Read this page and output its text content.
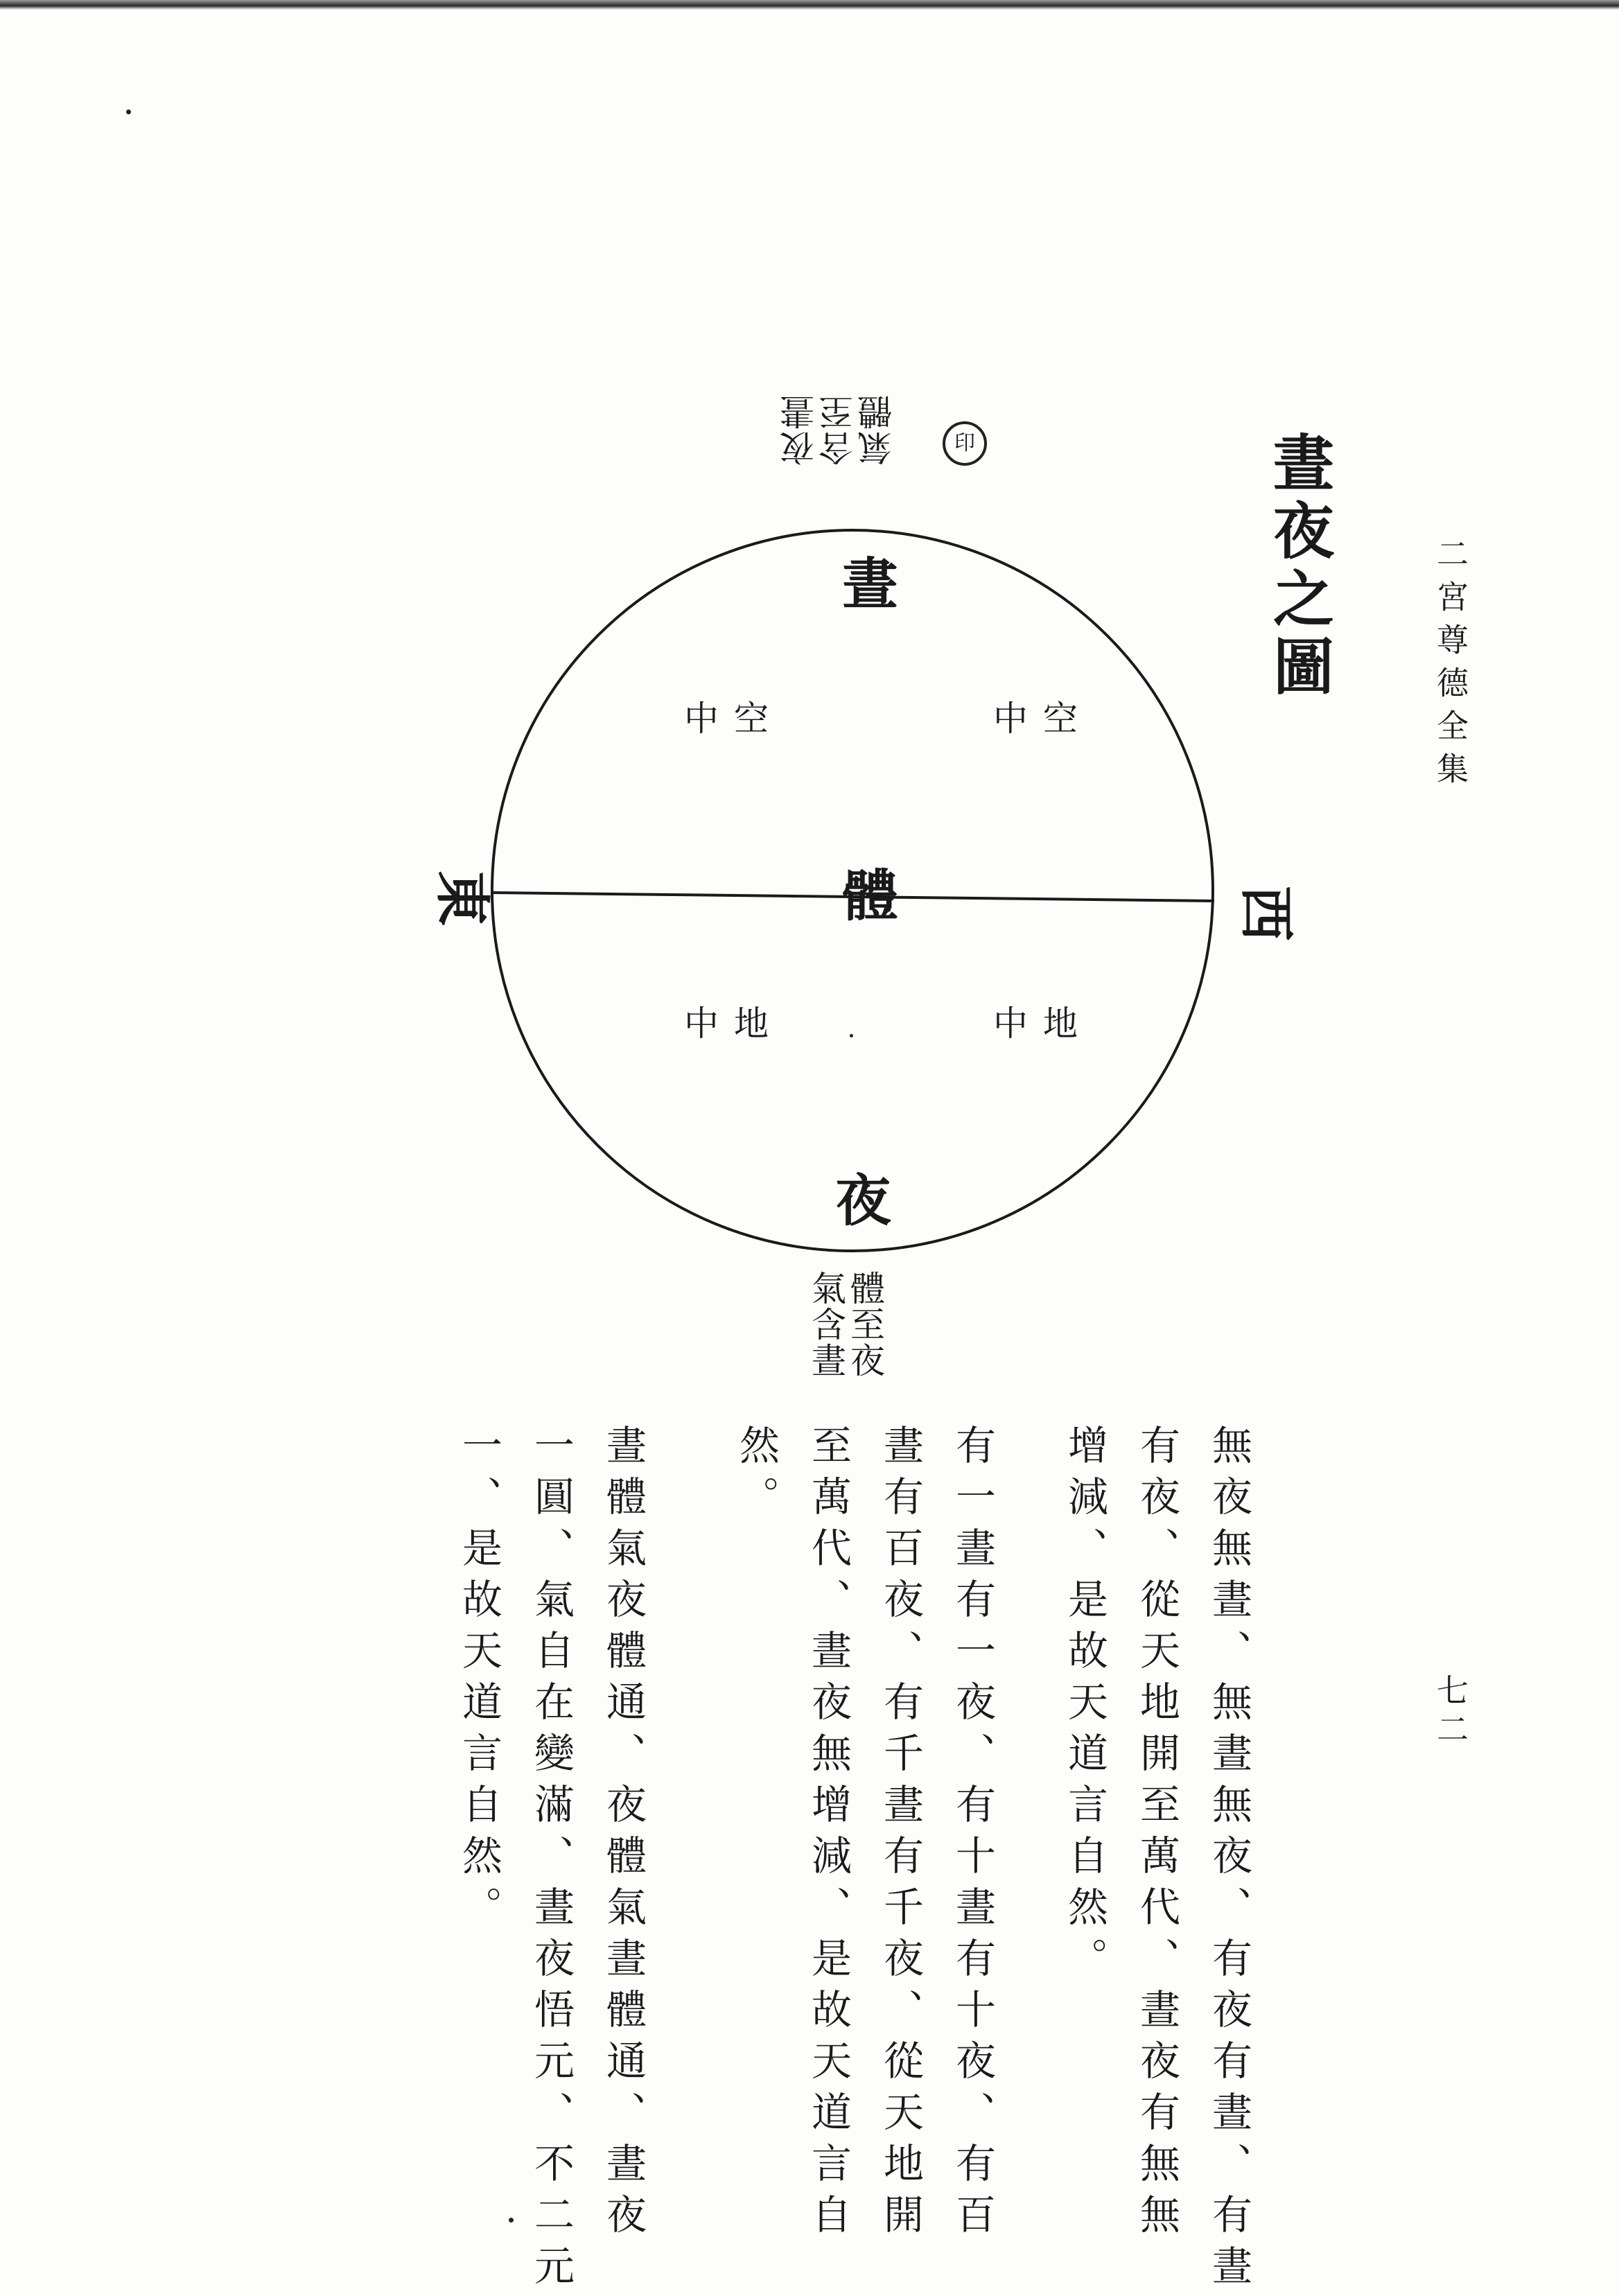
二宮尊德全集
七二
晝夜之圖
印
氣體
含至
夜晝
體至夜
氣含晝
晝
夜
體
東	西
空中	空中
地中	地中
無夜無晝、無晝無夜、有夜有晝、有晝
有夜、從天地開至萬代、晝夜有無無
增減、是故天道言自然。
有一晝有一夜、有十晝有十夜、有百
晝有百夜、有千晝有千夜、從天地開
至萬代、晝夜無增減、是故天道言自
然。
晝體氣夜體通、夜體氣晝體通、晝夜
一圓、氣自在變滿、晝夜悟元、不二元
一、是故天道言自然。
